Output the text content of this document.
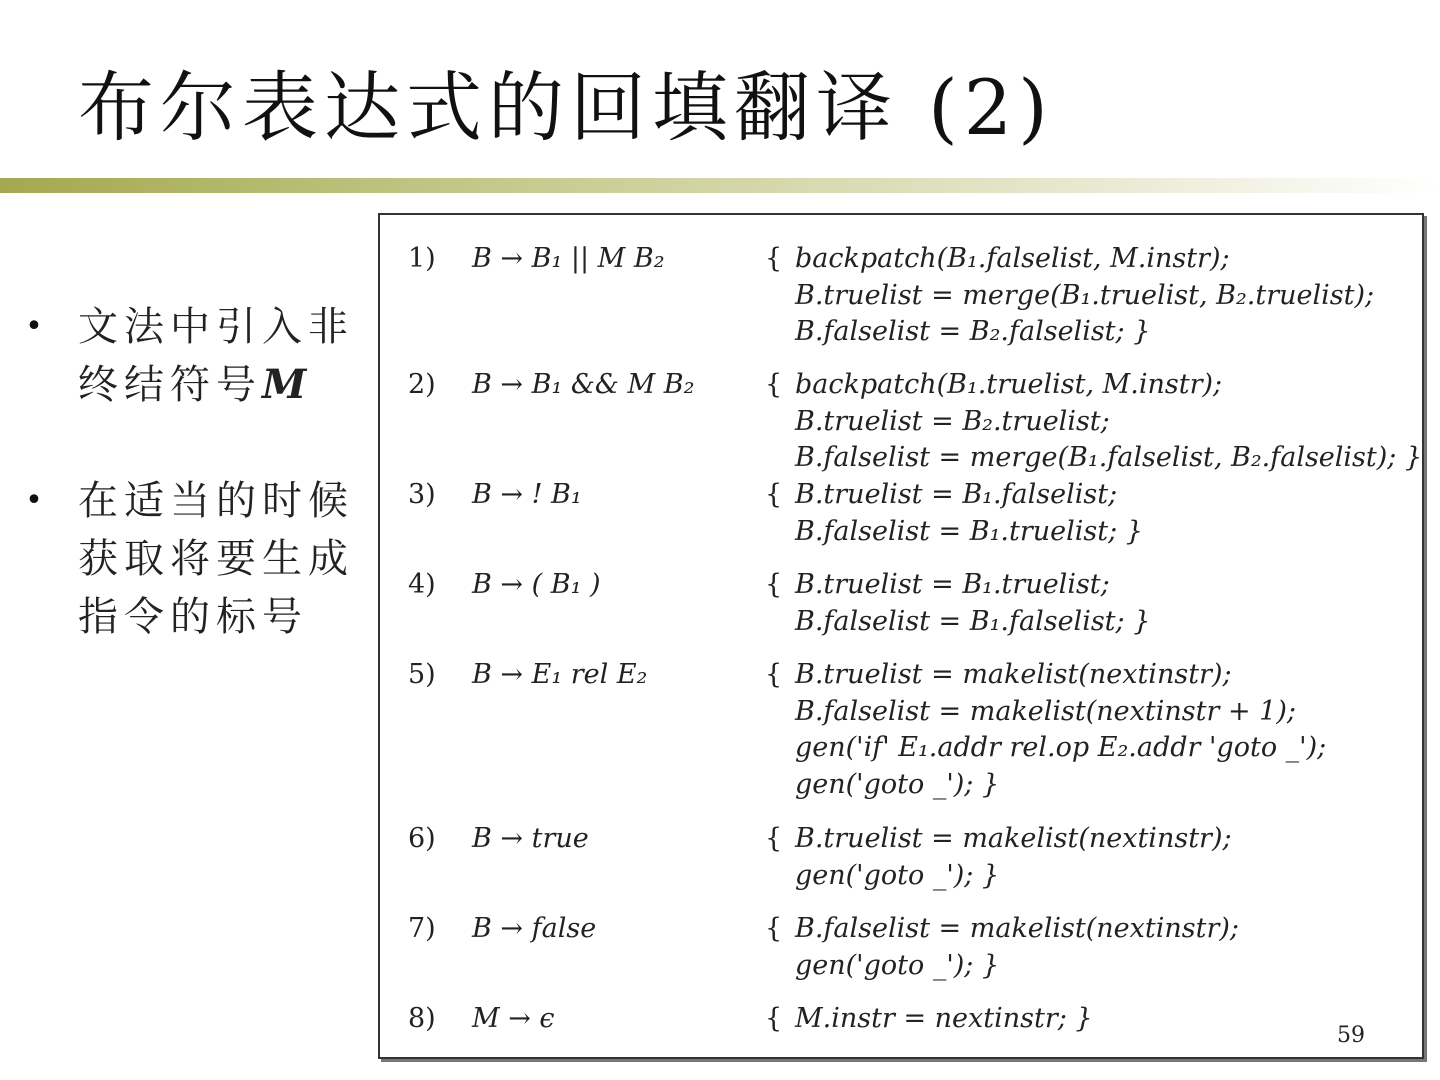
布尔表达式的回填翻译 (2)
• 文法中引入非
终结符号M
• 在适当的时候
获取将要生成
指令的标号
1) B → B₁ || M B₂	{ backpatch(B₁.falselist, M.instr);
B.truelist = merge(B₁.truelist, B₂.truelist);
B.falselist = B₂.falselist; }
2) B → B₁ && M B₂	{ backpatch(B₁.truelist, M.instr);
B.truelist = B₂.truelist;
B.falselist = merge(B₁.falselist, B₂.falselist); }
3) B → ! B₁	{ B.truelist = B₁.falselist;
B.falselist = B₁.truelist; }
4) B → ( B₁ )	{ B.truelist = B₁.truelist;
B.falselist = B₁.falselist; }
5) B → E₁ rel E₂	{ B.truelist = makelist(nextinstr);
B.falselist = makelist(nextinstr + 1);
gen('if' E₁.addr rel.op E₂.addr 'goto _');
gen('goto _'); }
6) B → true	{ B.truelist = makelist(nextinstr);
gen('goto _'); }
7) B → false	{ B.falselist = makelist(nextinstr);
gen('goto _'); }
8) M → ϵ	{ M.instr = nextinstr; }
59
